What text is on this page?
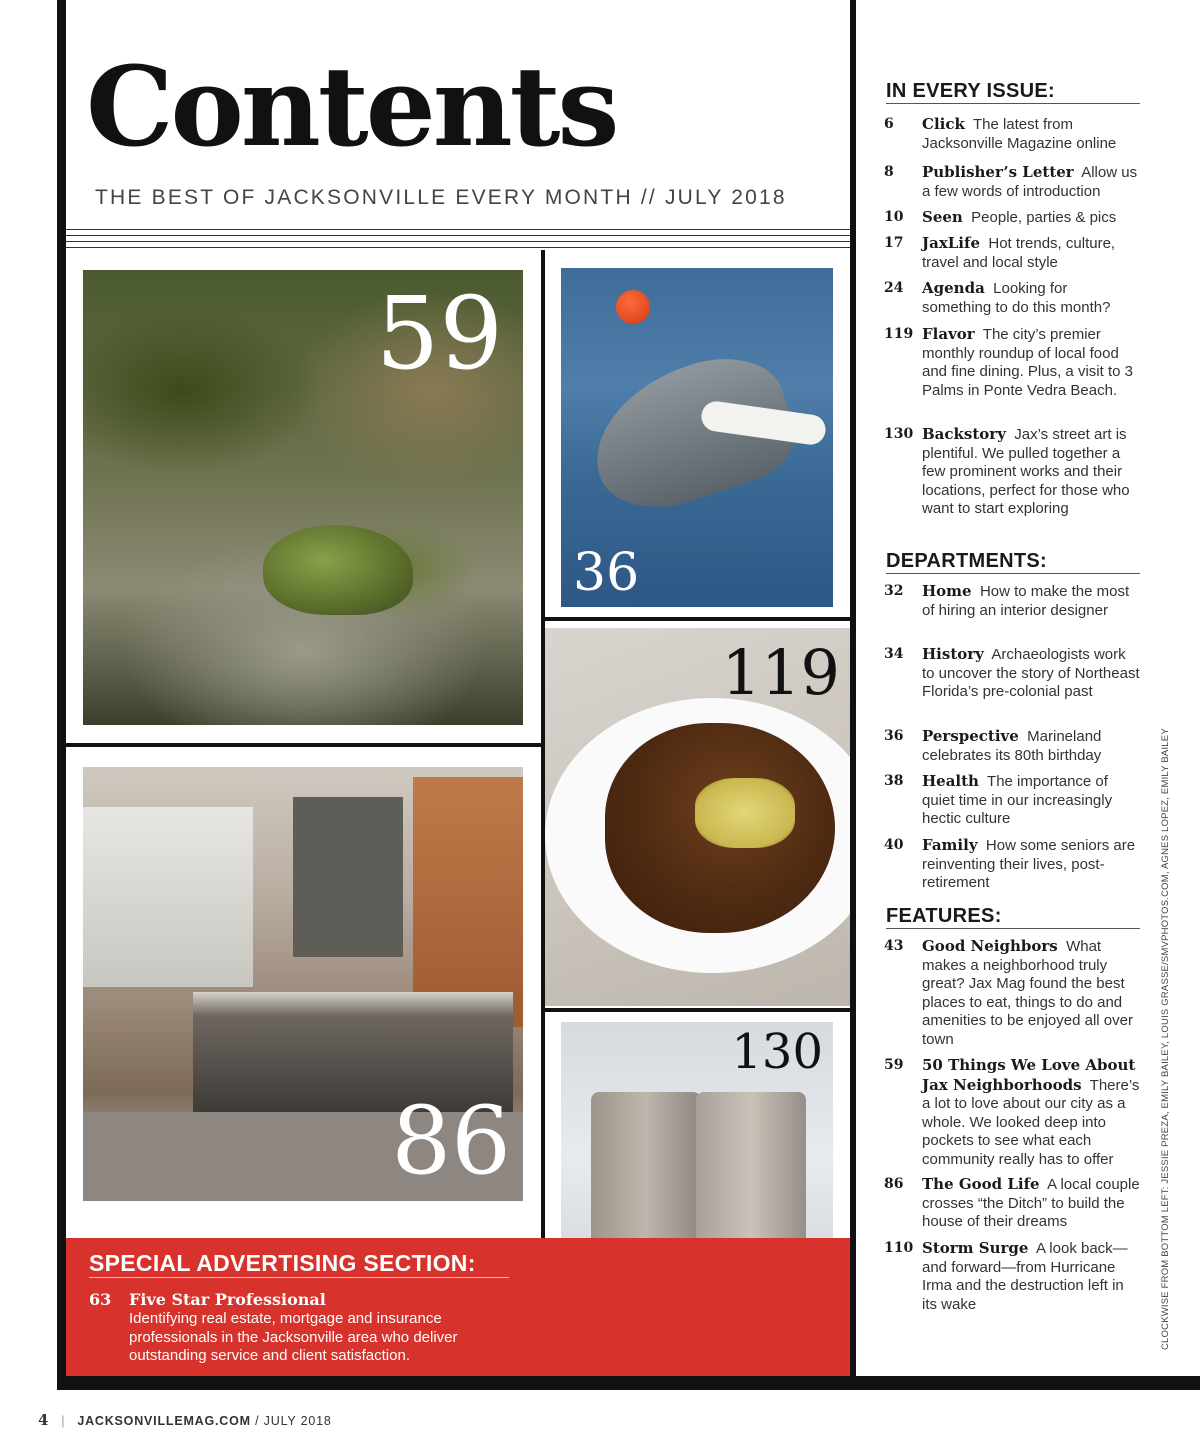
Contents
THE BEST OF JACKSONVILLE EVERY MONTH // JULY 2018
59
36
119
86
130
SPECIAL ADVERTISING SECTION:
63 Five Star Professional
Identifying real estate, mortgage and insurance professionals in the Jacksonville area who deliver outstanding service and client satisfaction.
4 | JACKSONVILLEMAG.COM / JULY 2018
IN EVERY ISSUE:
6 Click The latest from Jacksonville Magazine online
8 Publisher’s Letter Allow us a few words of introduction
10 Seen People, parties & pics
17 JaxLife Hot trends, culture, travel and local style
24 Agenda Looking for something to do this month?
119 Flavor The city’s premier monthly roundup of local food and fine dining. Plus, a visit to 3 Palms in Ponte Vedra Beach.
130 Backstory Jax’s street art is plentiful. We pulled together a few prominent works and their locations, perfect for those who want to start exploring
DEPARTMENTS:
32 Home How to make the most of hiring an interior designer
34 History Archaeologists work to uncover the story of Northeast Florida’s pre-colonial past
36 Perspective Marineland celebrates its 80th birthday
38 Health The importance of quiet time in our increasingly hectic culture
40 Family How some seniors are reinventing their lives, post-retirement
FEATURES:
43 Good Neighbors What makes a neighborhood truly great? Jax Mag found the best places to eat, things to do and amenities to be enjoyed all over town
59 50 Things We Love About Jax Neighborhoods There’s a lot to love about our city as a whole. We looked deep into pockets to see what each community really has to offer
86 The Good Life A local couple crosses “the Ditch” to build the house of their dreams
110 Storm Surge A look back—and forward—from Hurricane Irma and the destruction left in its wake	CLOCKWISE FROM BOTTOM LEFT: JESSIE PREZA, EMILY BAILEY, LOUIS GRASSE/SMVPHOTOS.COM, AGNES LOPEZ, EMILY BAILEY
